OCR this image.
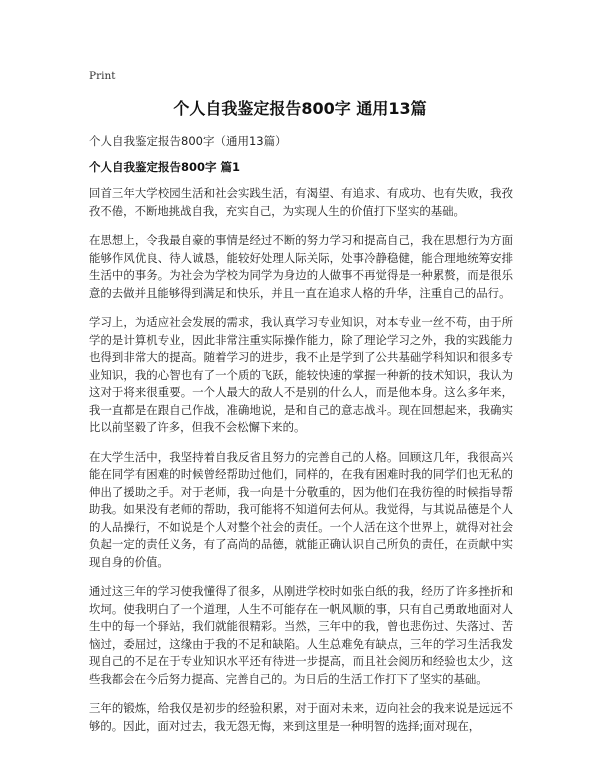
Print
个人自我鉴定报告800字 通用13篇
个人自我鉴定报告800字（通用13篇）
个人自我鉴定报告800字 篇1

回首三年大学校园生活和社会实践生活，有渴望、有追求、有成功、也有失败，我孜孜不倦，不断地挑战自我，充实自己，为实现人生的价值打下坚实的基础。

在思想上，令我最自豪的事情是经过不断的努力学习和提高自己，我在思想行为方面能够作风优良、待人诚恳，能较好处理人际关际，处事冷静稳健，能合理地统筹安排生活中的事务。为社会为学校为同学为身边的人做事不再觉得是一种累赘，而是很乐意的去做并且能够得到满足和快乐，并且一直在追求人格的升华，注重自己的品行。

学习上，为适应社会发展的需求，我认真学习专业知识，对本专业一丝不苟，由于所学的是计算机专业，因此非常注重实际操作能力，除了理论学习之外，我的实践能力也得到非常大的提高。随着学习的进步，我不止是学到了公共基础学科知识和很多专业知识，我的心智也有了一个质的飞跃，能较快速的掌握一种新的技术知识，我认为这对于将来很重要。一个人最大的敌人不是别的什么人，而是他本身。这么多年来，我一直都是在跟自己作战，准确地说，是和自己的意志战斗。现在回想起来，我确实比以前坚毅了许多，但我不会松懈下来的。

在大学生活中，我坚持着自我反省且努力的完善自己的人格。回顾这几年，我很高兴能在同学有困难的时候曾经帮助过他们，同样的，在我有困难时我的同学们也无私的伸出了援助之手。对于老师，我一向是十分敬重的，因为他们在我彷徨的时候指导帮助我。如果没有老师的帮助，我可能将不知道何去何从。我觉得，与其说品德是个人的人品操行，不如说是个人对整个社会的责任。一个人活在这个世界上，就得对社会负起一定的责任义务，有了高尚的品德，就能正确认识自己所负的责任，在贡献中实现自身的价值。

通过这三年的学习使我懂得了很多，从刚进学校时如张白纸的我，经历了许多挫折和坎坷。使我明白了一个道理，人生不可能存在一帆风顺的事，只有自己勇敢地面对人生中的每一个驿站，我们就能很精彩。当然，三年中的我，曾也悲伤过、失落过、苦恼过，委屈过，这缘由于我的不足和缺陷。人生总难免有缺点，三年的学习生活我发现自己的不足在于专业知识水平还有待进一步提高，而且社会阅历和经验也太少，这些我都会在今后努力提高、完善自己的。为日后的生活工作打下了坚实的基础。

三年的锻炼，给我仅是初步的经验积累，对于面对未来，迈向社会的我来说是远远不够的。因此，面对过去，我无怨无悔，来到这里是一种明智的选择;面对现在，
